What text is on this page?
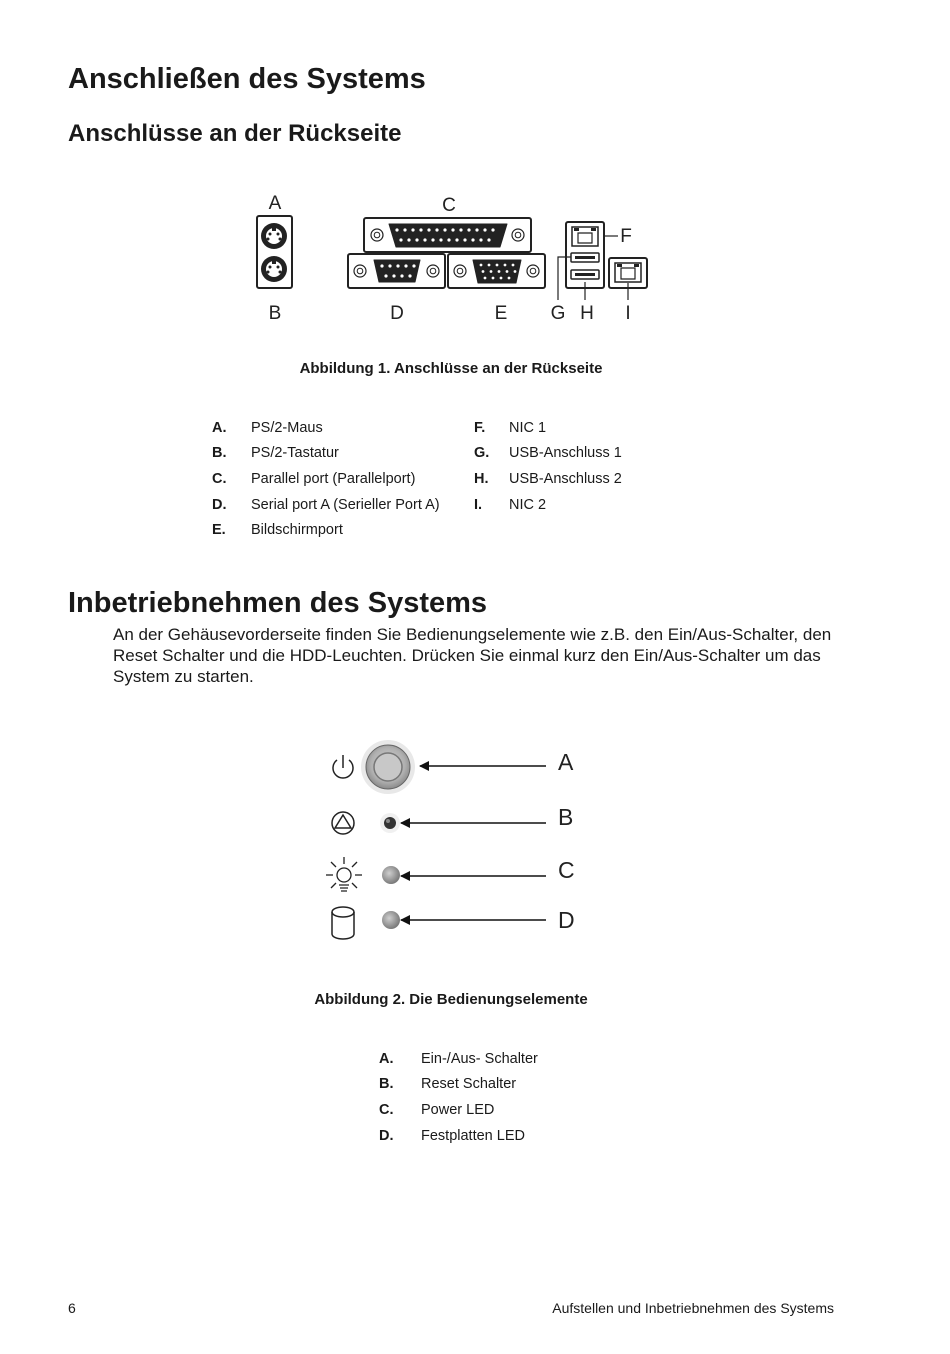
Anschließen des Systems
Anschlüsse an der Rückseite
A	C
F
B	D	E G H I
Abbildung 1. Anschlüsse an der Rückseite
A. PS/2-Maus
B. PS/2-Tastatur
C. Parallel port (Parallelport)
D. Serial port A (Serieller Port A)
E. Bildschirmport
F. NIC 1
G. USB-Anschluss 1
H. USB-Anschluss 2
I. NIC 2
Inbetriebnehmen des Systems

An der Gehäusevorderseite finden Sie Bedienungselemente wie z.B. den Ein/Aus-Schalter, den Reset Schalter und die HDD-Leuchten. Drücken Sie einmal kurz den Ein/Aus-Schalter um das System zu starten.

A
B
C
D
Abbildung 2. Die Bedienungselemente
A. Ein-/Aus- Schalter
B. Reset Schalter
C. Power LED
D. Festplatten LED
6	Aufstellen und Inbetriebnehmen des Systems
